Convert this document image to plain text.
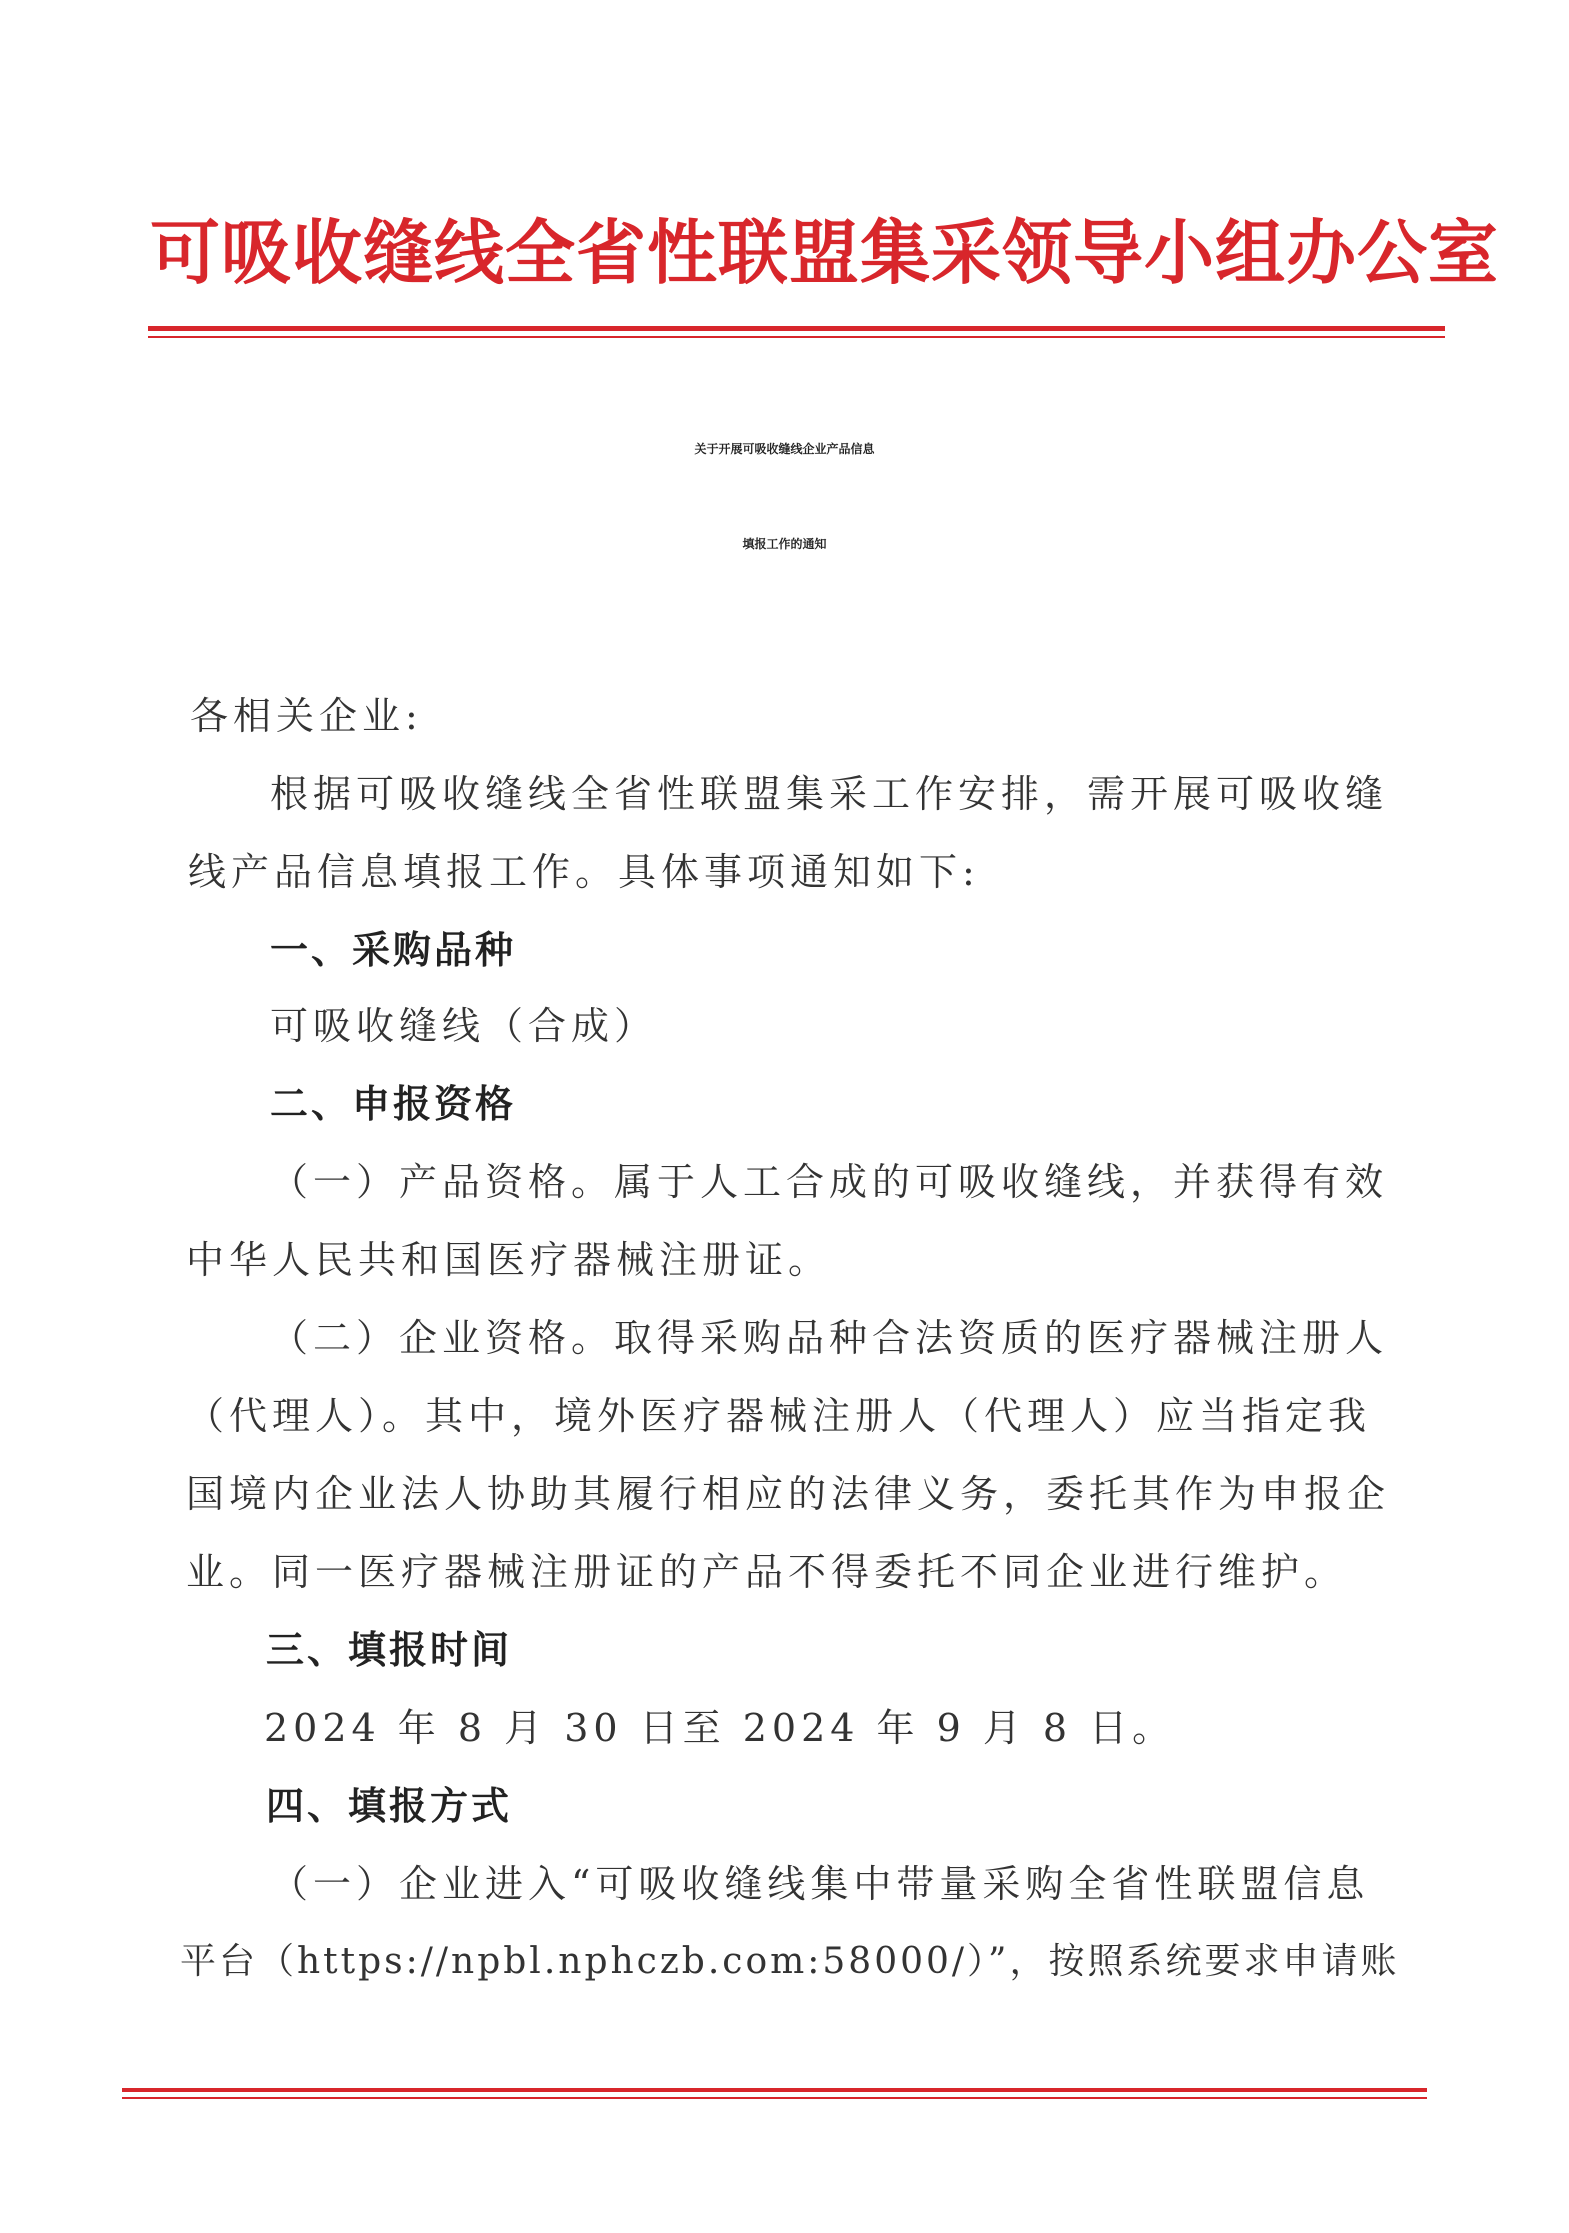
可吸收缝线全省性联盟集采领导小组办公室
关于开展可吸收缝线企业产品信息
填报工作的通知
各相关企业:
根据可吸收缝线全省性联盟集采工作安排，需开展可吸收缝
线产品信息填报工作。具体事项通知如下:
一、采购品种
可吸收缝线（合成）
二、申报资格
（一）产品资格。属于人工合成的可吸收缝线，并获得有效
中华人民共和国医疗器械注册证。
（二）企业资格。取得采购品种合法资质的医疗器械注册人
（代理人）。其中，境外医疗器械注册人（代理人）应当指定我
国境内企业法人协助其履行相应的法律义务，委托其作为申报企
业。同一医疗器械注册证的产品不得委托不同企业进行维护。
三、填报时间
2024 年 8 月 30 日至 2024 年 9 月 8 日。
四、填报方式
（一）企业进入“可吸收缝线集中带量采购全省性联盟信息
平台（https://npbl.nphczb.com:58000/）”，按照系统要求申请账
